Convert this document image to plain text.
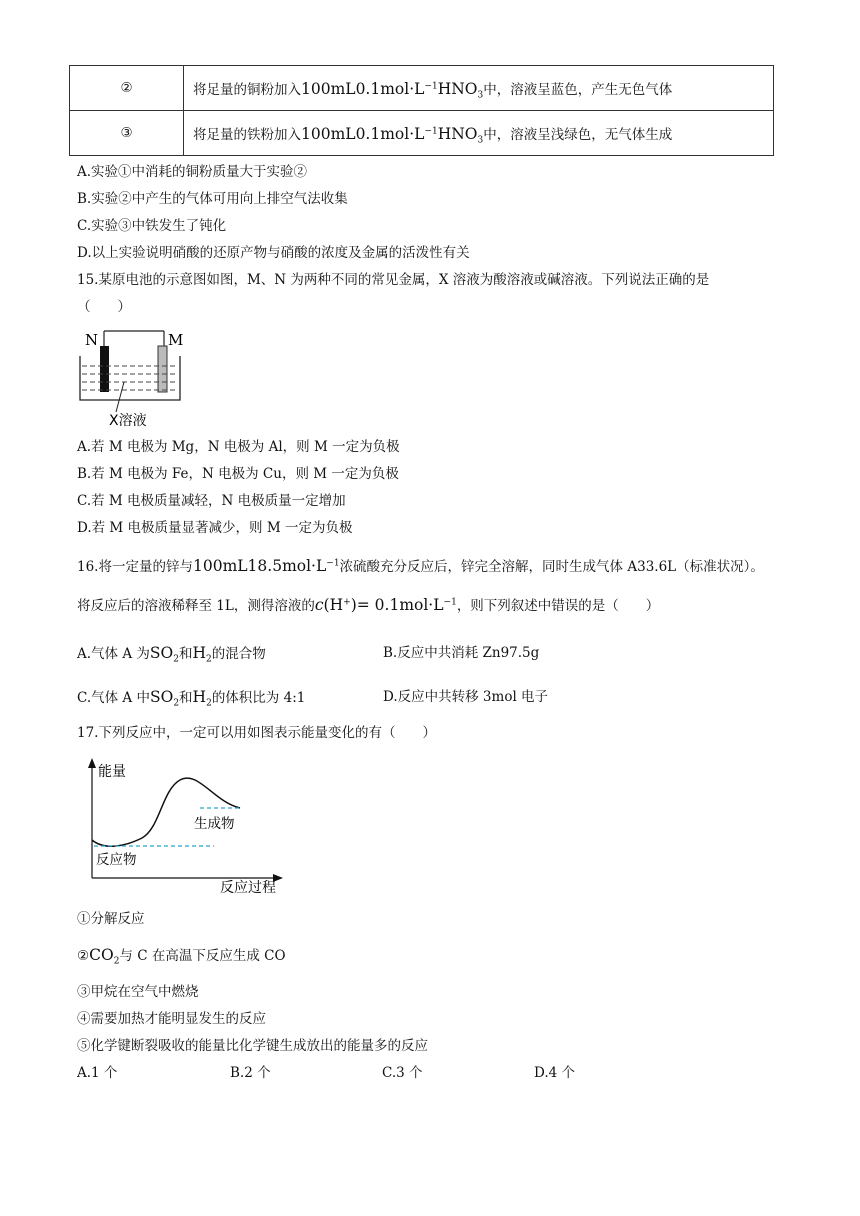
②	将足量的铜粉加入$100mL0.1mol\cdot L^{-1}HNO_3$中，溶液呈蓝色，产生无色气体
③	将足量的铁粉加入$100mL0.1mol\cdot L^{-1}HNO_3$中，溶液呈浅绿色，无气体生成
A.实验①中消耗的铜粉质量大于实验②
B.实验②中产生的气体可用向上排空气法收集
C.实验③中铁发生了钝化
D.以上实验说明硝酸的还原产物与硝酸的浓度及金属的活泼性有关
15.某原电池的示意图如图，M、N 为两种不同的常见金属，X 溶液为酸溶液或碱溶液。下列说法正确的是
（　　）
N	M
X溶液
A.若 M 电极为 Mg，N 电极为 Al，则 M 一定为负极
B.若 M 电极为 Fe，N 电极为 Cu，则 M 一定为负极
C.若 M 电极质量减轻，N 电极质量一定增加
D.若 M 电极质量显著减少，则 M 一定为负极
16.将一定量的锌与$100mL18.5mol\cdot L^{-1}$浓硫酸充分反应后，锌完全溶解，同时生成气体 A33.6L（标准状况）。
将反应后的溶液稀释至 1L，测得溶液的$c(H^+)= 0.1mol\cdot L^{-1}$，则下列叙述中错误的是（　　）
A.气体 A 为$SO_2$和$H_2$的混合物	B.反应中共消耗 Zn97.5g
C.气体 A 中$SO_2$和$H_2$的体积比为 4:1	D.反应中共转移 3mol 电子
17.下列反应中，一定可以用如图表示能量变化的有（　　）
能量
生成物
反应物
反应过程
①分解反应
$②CO_2$与 C 在高温下反应生成 CO
③甲烷在空气中燃烧
④需要加热才能明显发生的反应
⑤化学键断裂吸收的能量比化学键生成放出的能量多的反应
A.1 个	B.2 个	C.3 个	D.4 个
